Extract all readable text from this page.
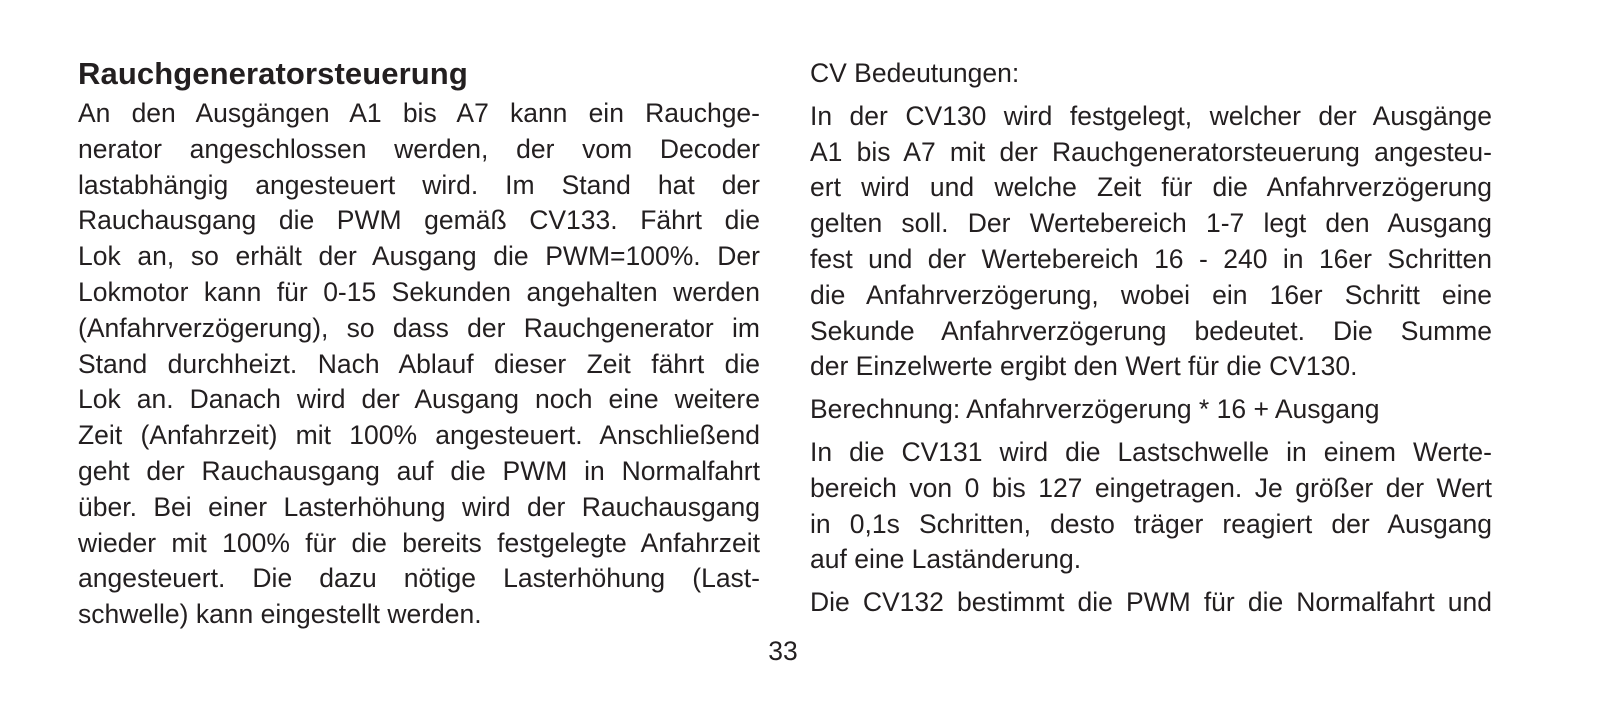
Rauchgeneratorsteuerung
An den Ausgängen A1 bis A7 kann ein Rauchge-
nerator angeschlossen werden, der vom Decoder
lastabhängig angesteuert wird. Im Stand hat der
Rauchausgang die PWM gemäß CV133. Fährt die
Lok an, so erhält der Ausgang die PWM=100%. Der
Lokmotor kann für 0-15 Sekunden angehalten werden
(Anfahrverzögerung), so dass der Rauchgenerator im
Stand durchheizt. Nach Ablauf dieser Zeit fährt die
Lok an. Danach wird der Ausgang noch eine weitere
Zeit (Anfahrzeit) mit 100% angesteuert. Anschließend
geht der Rauchausgang auf die PWM in Normalfahrt
über. Bei einer Lasterhöhung wird der Rauchausgang
wieder mit 100% für die bereits festgelegte Anfahrzeit
angesteuert. Die dazu nötige Lasterhöhung (Last-
schwelle) kann eingestellt werden.
CV Bedeutungen:
In der CV130 wird festgelegt, welcher der Ausgänge
A1 bis A7 mit der Rauchgeneratorsteuerung angesteu-
ert wird und welche Zeit für die Anfahrverzögerung
gelten soll. Der Wertebereich 1-7 legt den Ausgang
fest und der Wertebereich 16 - 240 in 16er Schritten
die Anfahrverzögerung, wobei ein 16er Schritt eine
Sekunde Anfahrverzögerung bedeutet. Die Summe
der Einzelwerte ergibt den Wert für die CV130.
Berechnung: Anfahrverzögerung * 16 + Ausgang
In die CV131 wird die Lastschwelle in einem Werte-
bereich von 0 bis 127 eingetragen. Je größer der Wert
in 0,1s Schritten, desto träger reagiert der Ausgang
auf eine Laständerung.
Die CV132 bestimmt die PWM für die Normalfahrt und
33
